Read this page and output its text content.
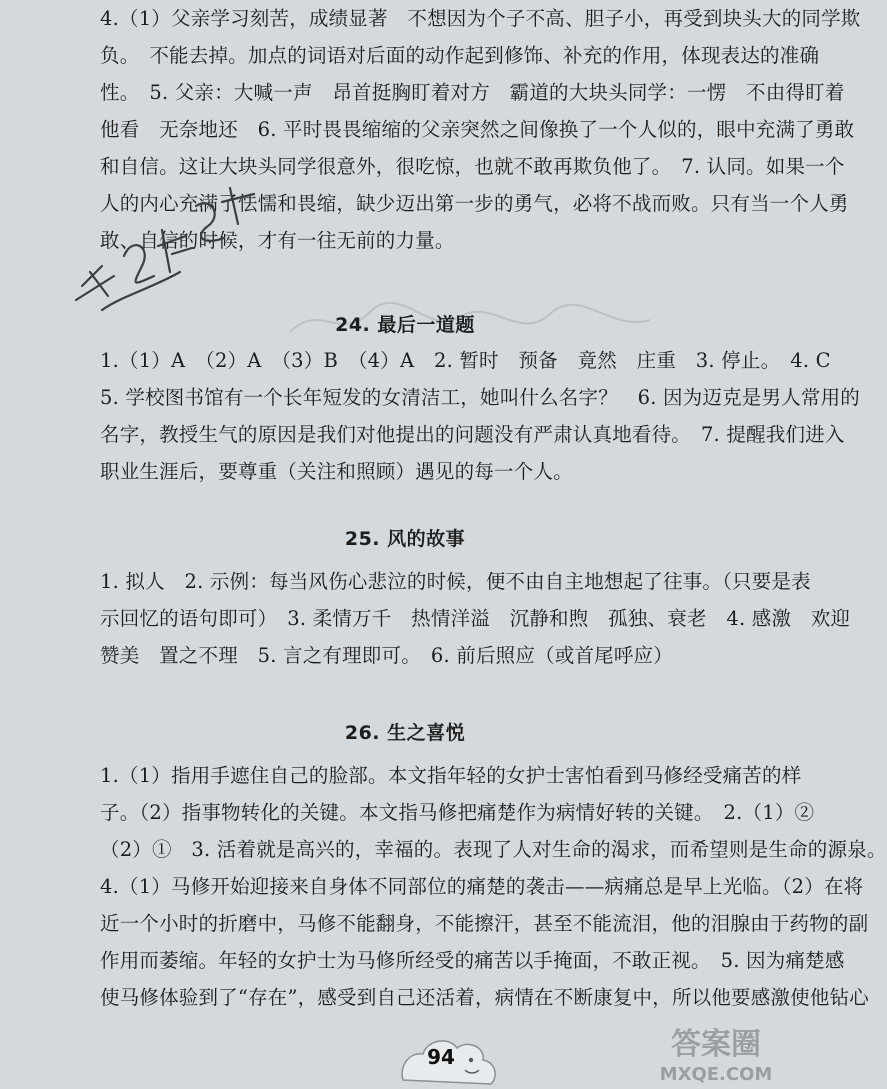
4.（1）父亲学习刻苦，成绩显著　不想因为个子不高、胆子小，再受到块头大的同学欺
负。　不能去掉。加点的词语对后面的动作起到修饰、补充的作用，体现表达的准确
性。　5. 父亲：大喊一声　昂首挺胸盯着对方　霸道的大块头同学：一愣　不由得盯着
他看　无奈地还　6. 平时畏畏缩缩的父亲突然之间像换了一个人似的，眼中充满了勇敢
和自信。这让大块头同学很意外，很吃惊，也就不敢再欺负他了。　7. 认同。如果一个
人的内心充满了怯懦和畏缩，缺少迈出第一步的勇气，必将不战而败。只有当一个人勇
敢、自信的时候，才有一往无前的力量。
24. 最后一道题
1.（1）A　（2）A　（3）B　（4）A　2. 暂时　预备　竟然　庄重　3. 停止。　4. C
5. 学校图书馆有一个长年短发的女清洁工，她叫什么名字？　6. 因为迈克是男人常用的
名字，教授生气的原因是我们对他提出的问题没有严肃认真地看待。　7. 提醒我们进入
职业生涯后，要尊重（关注和照顾）遇见的每一个人。
25. 风的故事
1. 拟人　2. 示例：每当风伤心悲泣的时候，便不由自主地想起了往事。（只要是表
示回忆的语句即可）　3. 柔情万千　热情洋溢　沉静和煦　孤独、衰老　4. 感激　欢迎
赞美　置之不理　5. 言之有理即可。　6. 前后照应（或首尾呼应）
26. 生之喜悦
1.（1）指用手遮住自己的脸部。本文指年轻的女护士害怕看到马修经受痛苦的样
子。（2）指事物转化的关键。本文指马修把痛楚作为病情好转的关键。　2.（1）②
（2）①　3. 活着就是高兴的，幸福的。表现了人对生命的渴求，而希望则是生命的源泉。
4.（1）马修开始迎接来自身体不同部位的痛楚的袭击——病痛总是早上光临。（2）在将
近一个小时的折磨中，马修不能翻身，不能擦汗，甚至不能流泪，他的泪腺由于药物的副
作用而萎缩。年轻的女护士为马修所经受的痛苦以手掩面，不敢正视。　5. 因为痛楚感
使马修体验到了“存在”，感受到自己还活着，病情在不断康复中，所以他要感激使他钻心
94	答案圈
MXQE.COM
